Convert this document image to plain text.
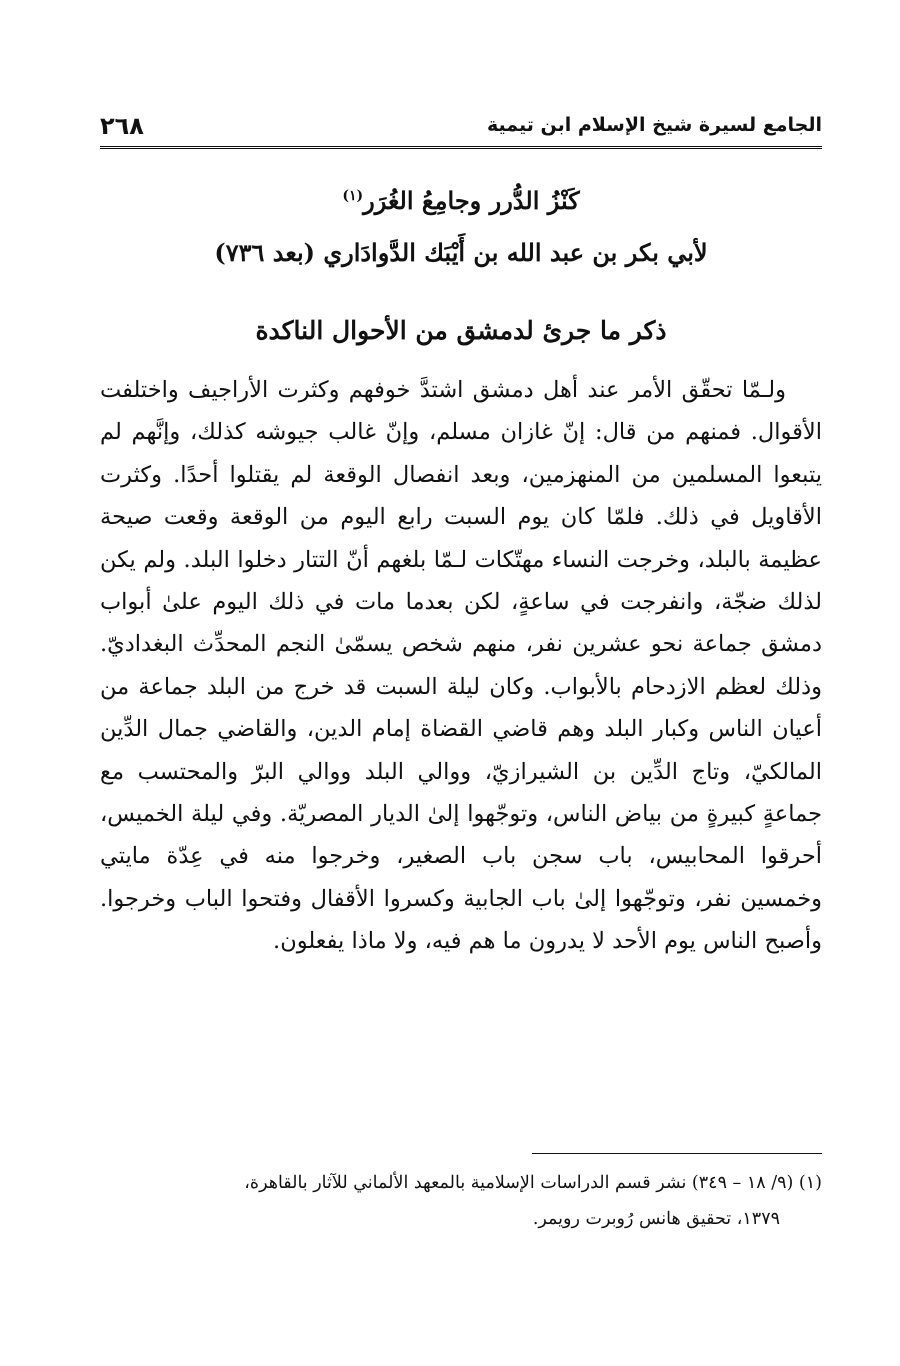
الجامع لسيرة شيخ الإسلام ابن تيمية
٢٦٨
كَنْزُ الدُّرر وجامِعُ الغُرَر$^{(١)}$
لأبي بكر بن عبد الله بن أَيْبَك الدَّوادَاري (بعد ٧٣٦)
ذكر ما جرئ لدمشق من الأحوال الناكدة

ولـمّا تحقّق الأمر عند أهل دمشق اشتدَّ خوفهم وكثرت الأراجيف واختلفت الأقوال. فمنهم من قال: إنّ غازان مسلم، وإنّ غالب جيوشه كذلك، وإنَّهم لم يتبعوا المسلمين من المنهزمين، وبعد انفصال الوقعة لم يقتلوا أحدًا. وكثرت الأقاويل في ذلك. فلمّا كان يوم السبت رابع اليوم من الوقعة وقعت صيحة عظيمة بالبلد، وخرجت النساء مهتّكات لـمّا بلغهم أنّ التتار دخلوا البلد. ولم يكن لذلك ضجّة، وانفرجت في ساعةٍ، لكن بعدما مات في ذلك اليوم علىٰ أبواب دمشق جماعة نحو عشرين نفر، منهم شخص يسمّىٰ النجم المحدِّث البغداديّ. وذلك لعظم الازدحام بالأبواب. وكان ليلة السبت قد خرج من البلد جماعة من أعيان الناس وكبار البلد وهم قاضي القضاة إمام الدين، والقاضي جمال الدِّين المالكيّ، وتاج الدِّين بن الشيرازيّ، ووالي البلد ووالي البرّ والمحتسب مع جماعةٍ كبيرةٍ من بياض الناس، وتوجّهوا إلىٰ الديار المصريّة. وفي ليلة الخميس، أحرقوا المحابيس، باب سجن باب الصغير، وخرجوا منه في عِدّة مايتي وخمسين نفر، وتوجّهوا إلىٰ باب الجابية وكسروا الأقفال وفتحوا الباب وخرجوا. وأصبح الناس يوم الأحد لا يدرون ما هم فيه، ولا ماذا يفعلون.

(١) (٩/ ١٨ – ٣٤٩) نشر قسم الدراسات الإسلامية بالمعهد الألماني للآثار بالقاهرة،
١٣٧٩، تحقيق هانس رُوبرت رويمر.
